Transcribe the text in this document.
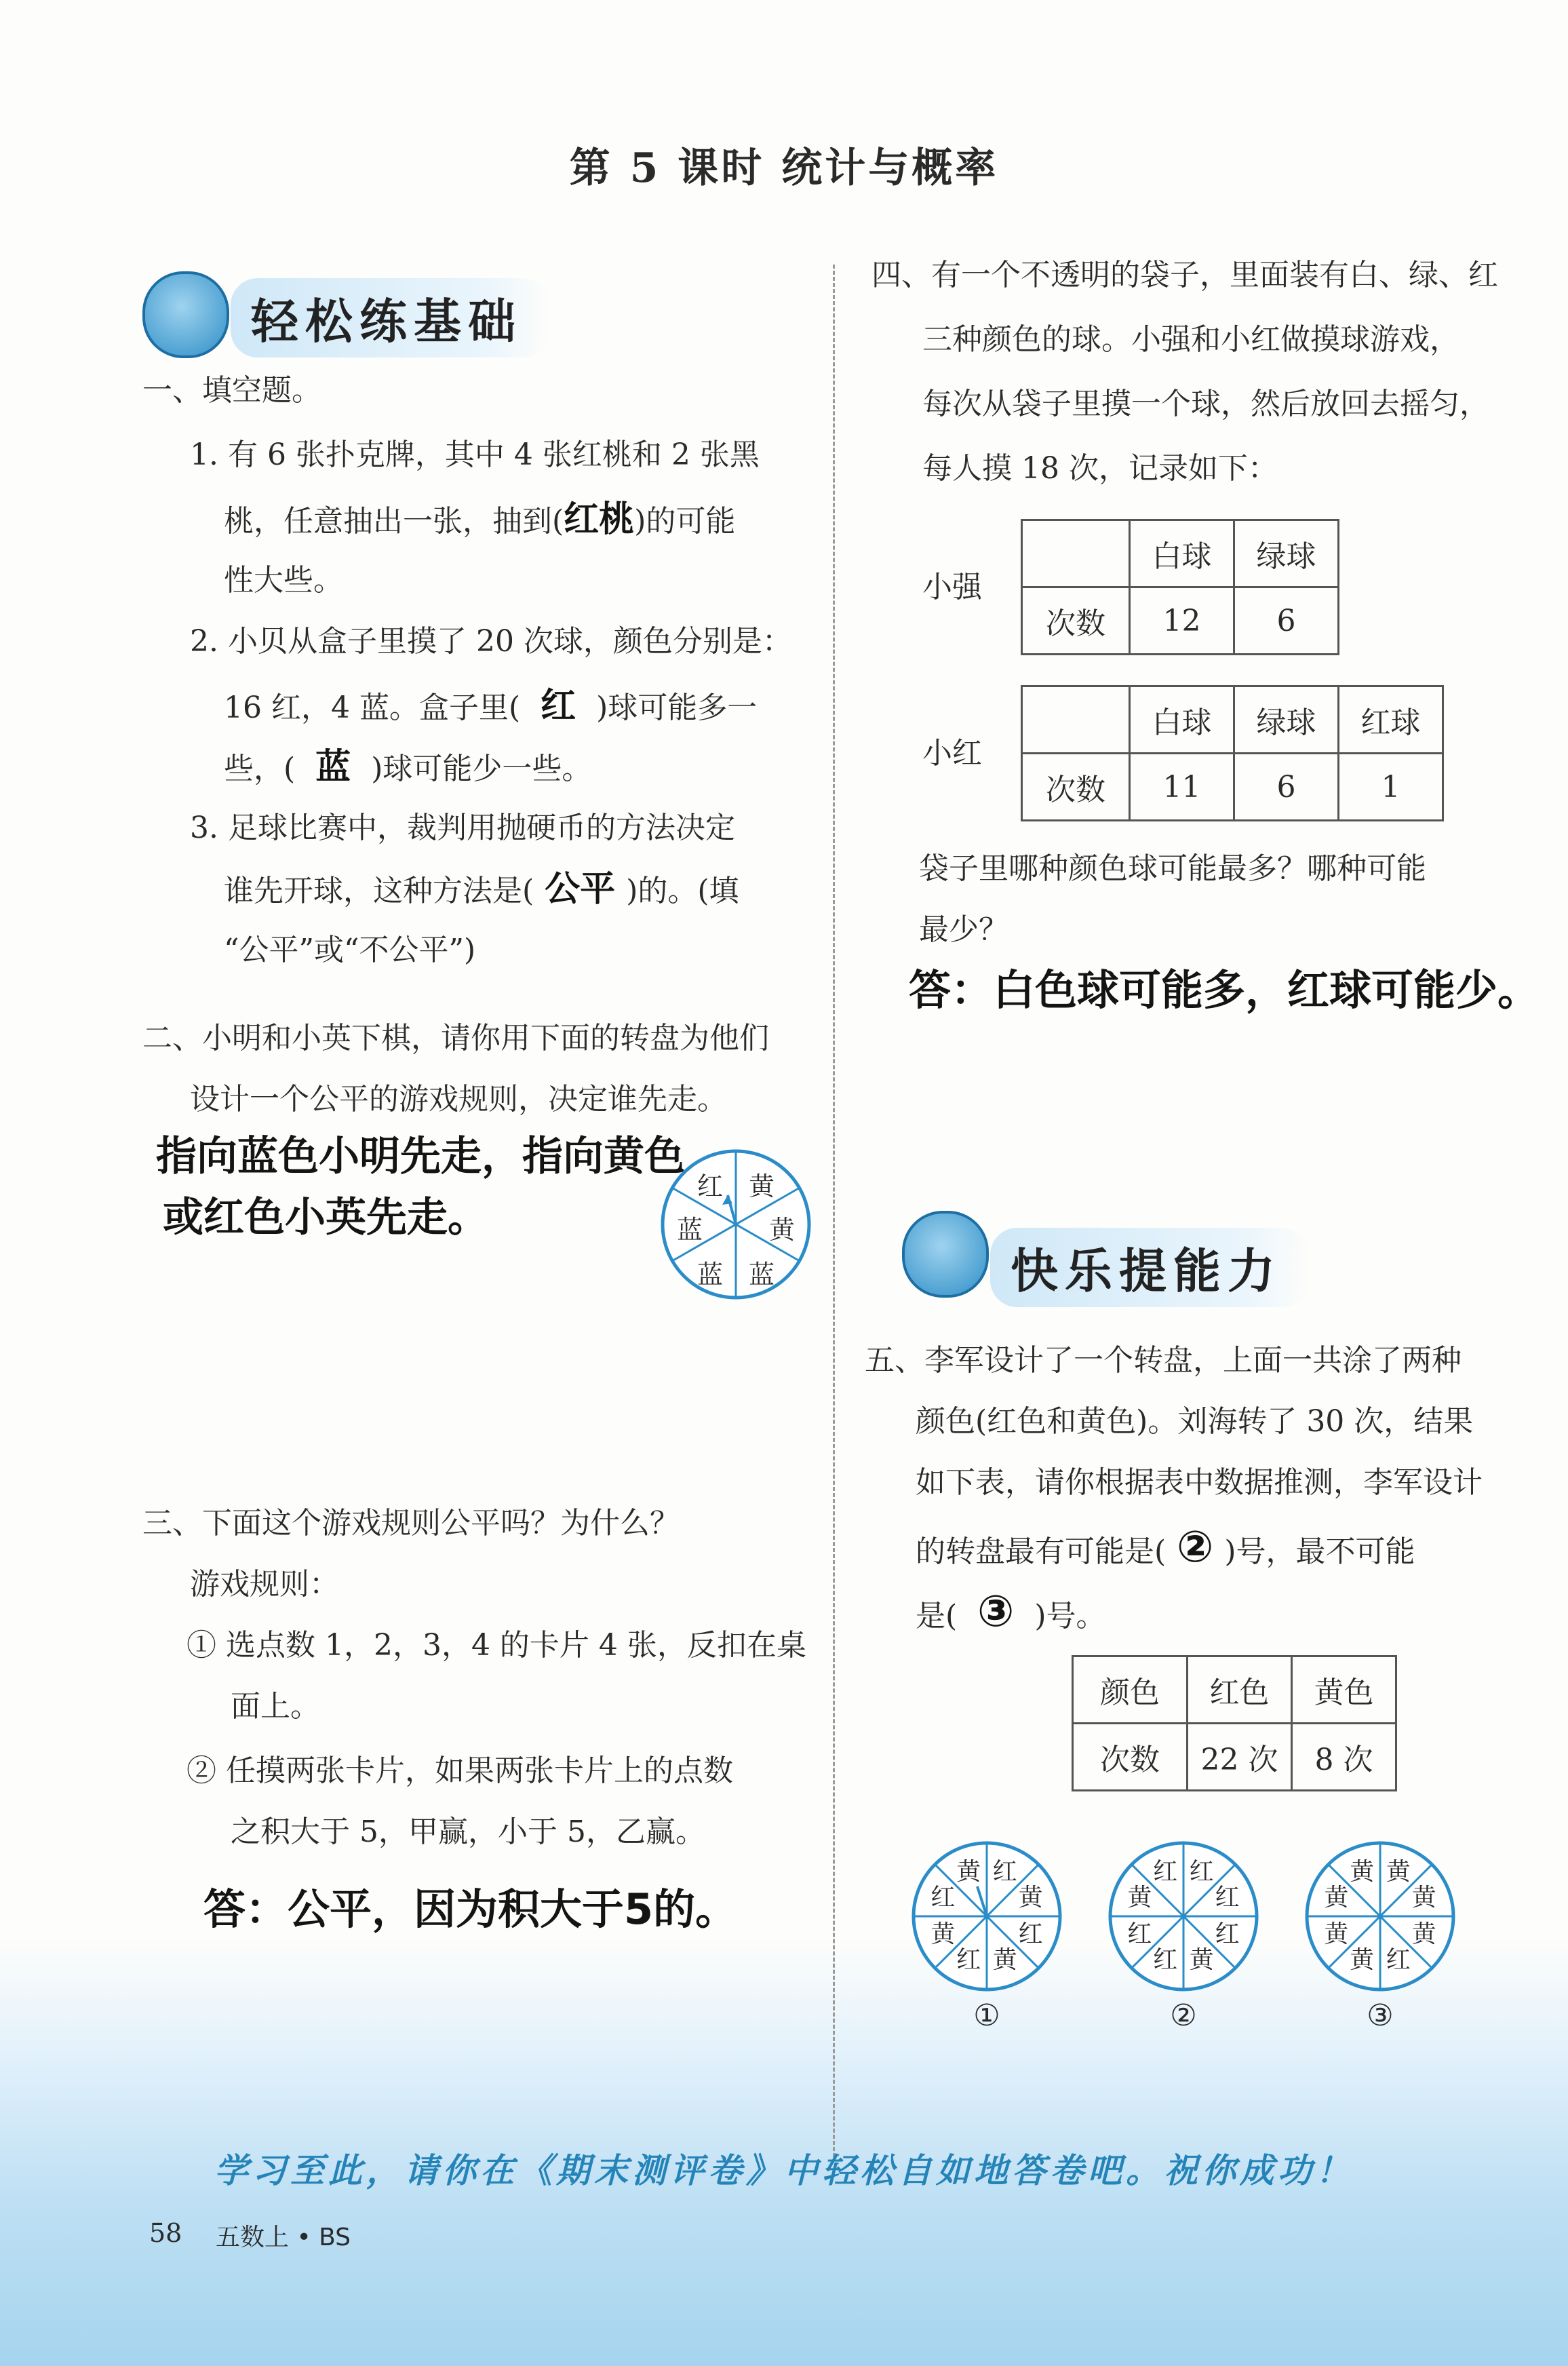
第 5 课时 统计与概率
轻松练基础
一、填空题。
1. 有 6 张扑克牌，其中 4 张红桃和 2 张黑
桃，任意抽出一张，抽到(红桃)的可能
性大些。
2. 小贝从盒子里摸了 20 次球，颜色分别是：
16 红，4 蓝。盒子里( 红 )球可能多一
些，( 蓝 )球可能少一些。
3. 足球比赛中，裁判用抛硬币的方法决定
谁先开球，这种方法是( 公平 )的。(填
“公平”或“不公平”)
二、小明和小英下棋，请你用下面的转盘为他们
设计一个公平的游戏规则，决定谁先走。
指向蓝色小明先走，指向黄色
或红色小英先走。
红 黄
黄
蓝
蓝 蓝
三、下面这个游戏规则公平吗？为什么？
游戏规则：
① 选点数 1，2，3，4 的卡片 4 张，反扣在桌
面上。
② 任摸两张卡片，如果两张卡片上的点数
之积大于 5，甲赢，小于 5，乙赢。
答：公平，因为积大于5的。
四、有一个不透明的袋子，里面装有白、绿、红
三种颜色的球。小强和小红做摸球游戏，
每次从袋子里摸一个球，然后放回去摇匀，
每人摸 18 次，记录如下：
小强
	白球	绿球
次数	12	6
小红
	白球	绿球	红球
次数	11	6	1
袋子里哪种颜色球可能最多？哪种可能
最少？
答：白色球可能多，红球可能少。
快乐提能力
五、李军设计了一个转盘，上面一共涂了两种
颜色(红色和黄色)。刘海转了 30 次，结果
如下表，请你根据表中数据推测，李军设计
的转盘最有可能是( ② )号，最不可能
是( ③ )号。
颜色	红色	黄色
次数	22 次	8 次
红
黄
红
黄
红
黄
红
黄
①
红
红
红
黄
红
红
黄
红
②
黄
黄
黄
红
黄
黄
黄
黄
③
学习至此，请你在《期末测评卷》中轻松自如地答卷吧。祝你成功！
58 五数上 • BS
